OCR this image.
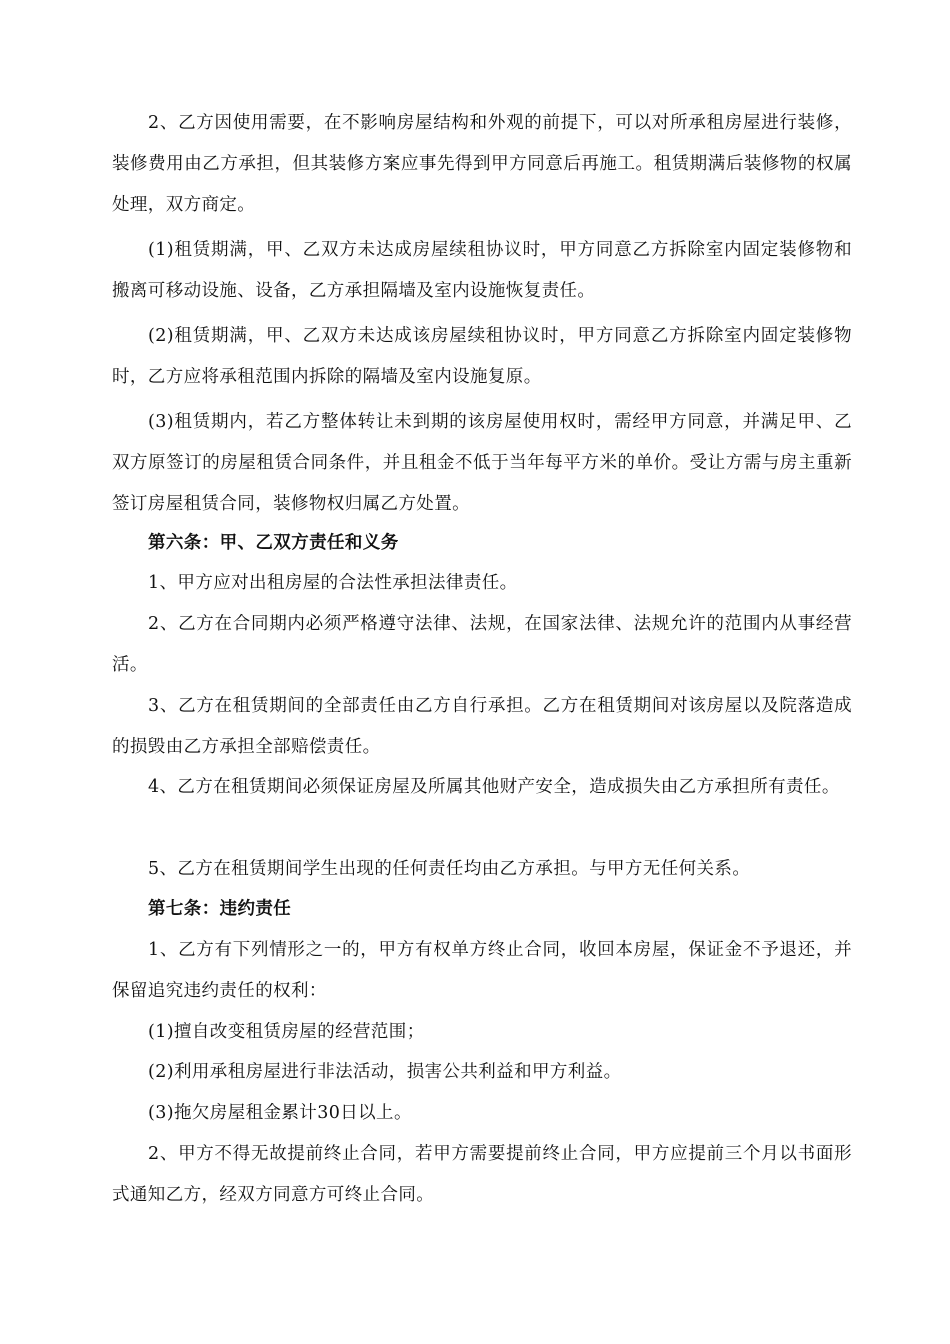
2、乙方因使用需要，在不影响房屋结构和外观的前提下，可以对所承租房屋进行装修，装修费用由乙方承担，但其装修方案应事先得到甲方同意后再施工。租赁期满后装修物的权属处理，双方商定。

(1)租赁期满，甲、乙双方未达成房屋续租协议时，甲方同意乙方拆除室内固定装修物和搬离可移动设施、设备，乙方承担隔墙及室内设施恢复责任。

(2)租赁期满，甲、乙双方未达成该房屋续租协议时，甲方同意乙方拆除室内固定装修物时，乙方应将承租范围内拆除的隔墙及室内设施复原。

(3)租赁期内，若乙方整体转让未到期的该房屋使用权时，需经甲方同意，并满足甲、乙双方原签订的房屋租赁合同条件，并且租金不低于当年每平方米的单价。受让方需与房主重新签订房屋租赁合同，装修物权归属乙方处置。

第六条：甲、乙双方责任和义务

1、甲方应对出租房屋的合法性承担法律责任。

2、乙方在合同期内必须严格遵守法律、法规，在国家法律、法规允许的范围内从事经营活。

3、乙方在租赁期间的全部责任由乙方自行承担。乙方在租赁期间对该房屋以及院落造成的损毁由乙方承担全部赔偿责任。

4、乙方在租赁期间必须保证房屋及所属其他财产安全，造成损失由乙方承担所有责任。

5、乙方在租赁期间学生出现的任何责任均由乙方承担。与甲方无任何关系。

第七条：违约责任

1、乙方有下列情形之一的，甲方有权单方终止合同，收回本房屋，保证金不予退还，并保留追究违约责任的权利：

(1)擅自改变租赁房屋的经营范围；

(2)利用承租房屋进行非法活动，损害公共利益和甲方利益。

(3)拖欠房屋租金累计30日以上。

2、甲方不得无故提前终止合同，若甲方需要提前终止合同，甲方应提前三个月以书面形式通知乙方，经双方同意方可终止合同。
